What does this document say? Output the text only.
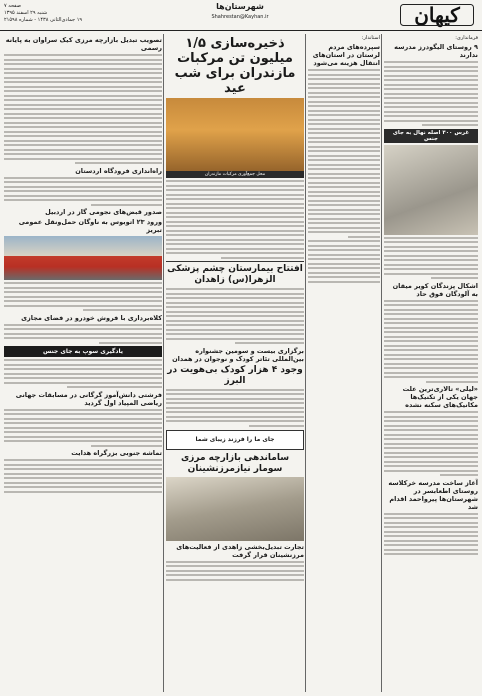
کیهان
شهرستان‌ها
Shahrestan@Kayhan.ir
صفحه ۷
شنبه ۲۹ اسفند ۱۳۹۵
۱۹ جمادی‌الثانی ۱۴۳۸ - شماره ۲۱۵۹۸
فرمانداری:
۹ روستای الیگودرز مدرسه ندارند
غرس ۴۰۰ اصله نهال به جای جنس
اشکال پزندگان کویر میقان به آلودگان فوق حاد
«لیلی» تالاری‌ترین علت جهان یکی از تکنیک‌ها مکانیک‌های سکنه نشده
آغاز ساخت مدرسه خرکلاسه روستای اطعابسر در شهرستان‌ها پیرواحمد اقدام شد
استاندار:
سپرده‌های مردم لرستان در استان‌های انتقال هزینه می‌شود
ذخیره‌سازی ۱/۵ میلیون تن مرکبات مازندران برای شب عید
محل جمع‌آوری مرکبات مازندران
افتتاح بیمارستان چشم پزشکی الزهرا(س) زاهدان
برگزاری بیست و سومین جشنواره بین‌المللی تئاتر کودک و نوجوان در همدان
وجود ۴ هزار کودک بی‌هویت در البرز
جای ما را فرزند زیبای شما
ساماندهی بازارچه مرزی سومار نیازمرزنشینان
تجارت تبدیل‌بخشی زاهدی از فعالیت‌های مرزنشینان قرار گرفت
تصویب تبدیل بازارچه مرزی کیک سراوان به پایانه رسمی
راه‌اندازی فرودگاه اردستان
صدور قبض‌های نجومی گاز در اردبیل
ورود ۲۳ اتوبوس به ناوگان حمل‌ونقل عمومی تبریز
کلاه‌برداری با فروش خودرو در فضای مجازی
یادگیری سوپ به جای جنس
فرشتی دانش‌آموز گرگانی در مسابقات جهانی ریاضی المپیاد اول گردید
تماشه جنوبی بزرگراه هدایت
